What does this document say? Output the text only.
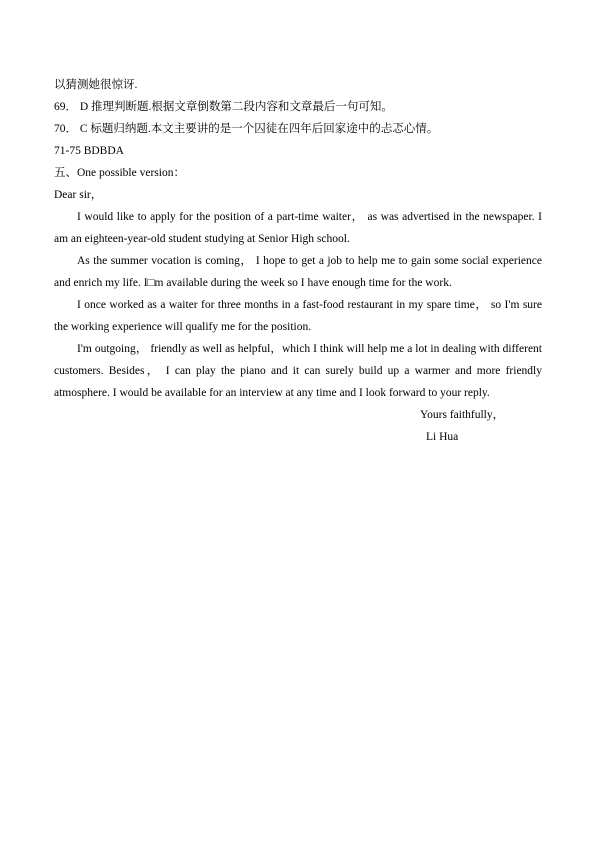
以猜测她很惊讶.
69． D 推理判断题.根据文章倒数第二段内容和文章最后一句可知。
70． C 标题归纳题.本文主要讲的是一个囚徒在四年后回家途中的忐忑心情。
71-75 BDBDA
五、One possible version：
Dear sir，
I would like to apply for the position of a part-time waiter， as was advertised in the newspaper. I am an eighteen-year-old student studying at Senior High school.
As the summer vocation is coming， I hope to get a job to help me to gain some social experience and enrich my life. I□m available during the week so I have enough time for the work.
I once worked as a waiter for three months in a fast-food restaurant in my spare time， so I'm sure the working experience will qualify me for the position.
I'm outgoing， friendly as well as helpful，which I think will help me a lot in dealing with different customers. Besides， I can play the piano and it can surely build up a warmer and more friendly atmosphere. I would be available for an interview at any time and I look forward to your reply.
Yours faithfully，
Li Hua
